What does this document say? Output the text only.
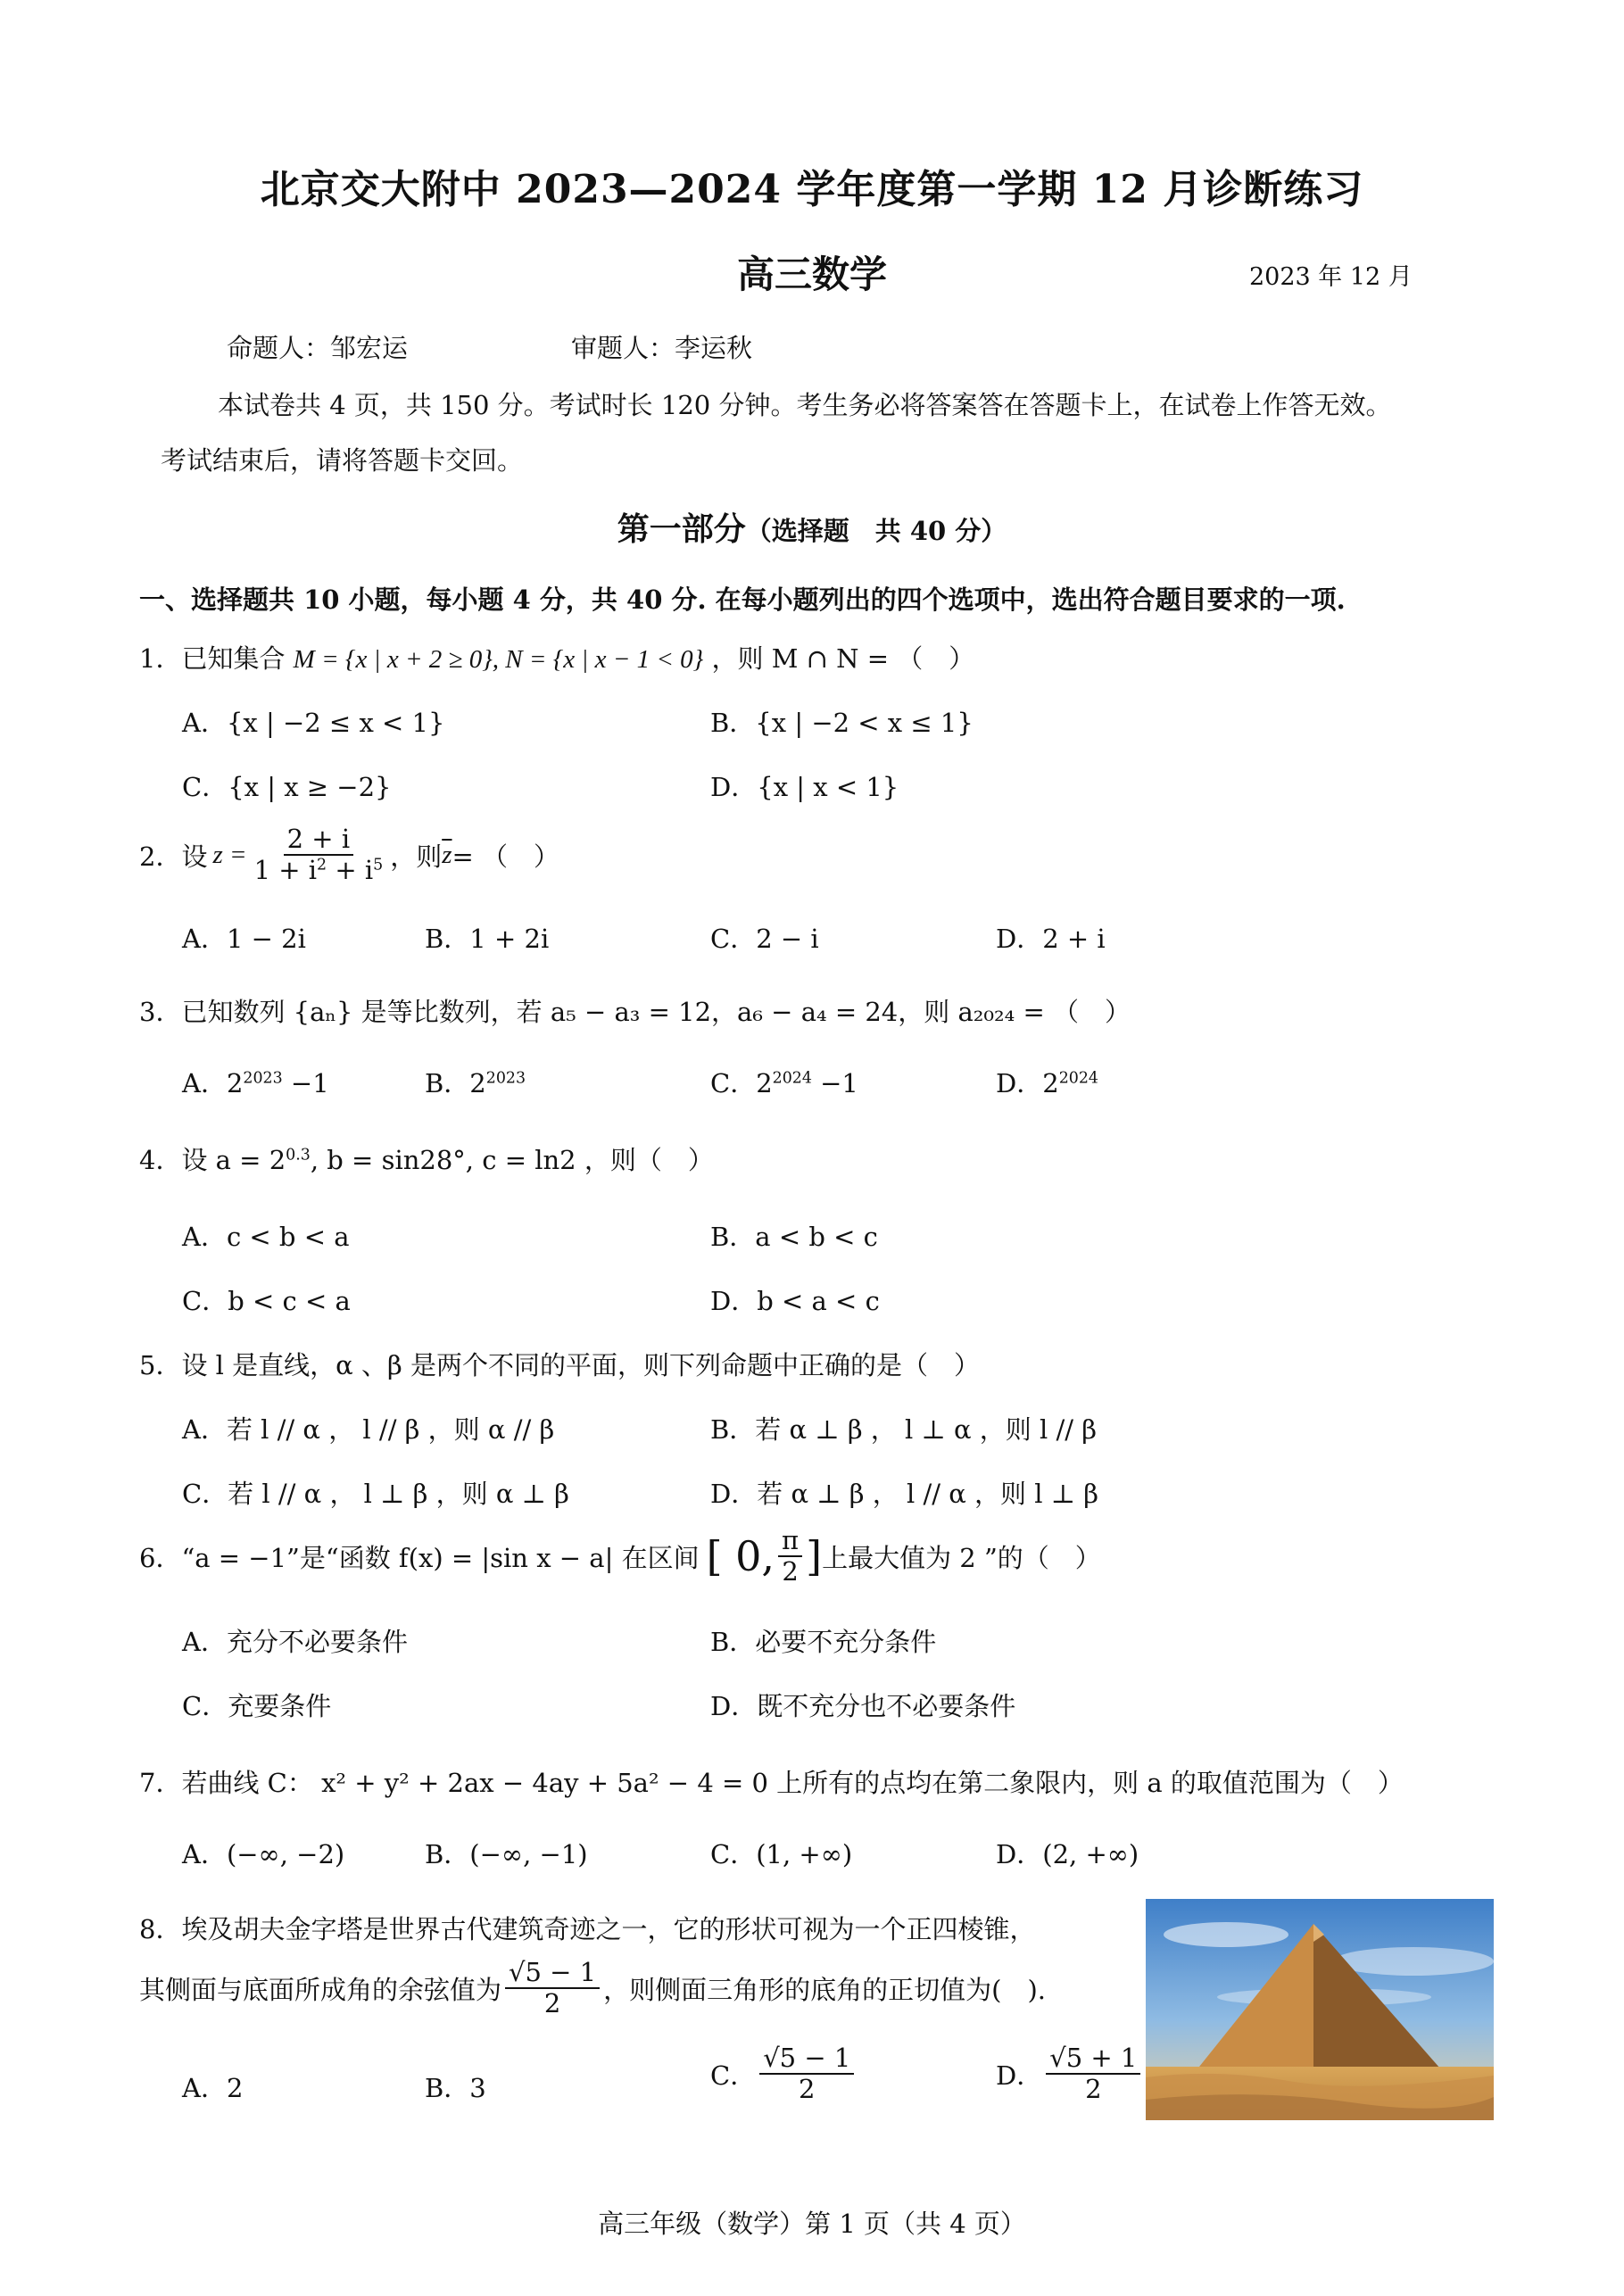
北京交大附中 2023—2024 学年度第一学期 12 月诊断练习
高三数学	2023 年 12 月
命题人：邹宏运	审题人：李运秋
本试卷共 4 页，共 150 分。考试时长 120 分钟。考生务必将答案答在答题卡上，在试卷上作答无效。
考试结束后，请将答题卡交回。
第一部分（选择题　共 40 分）
一、选择题共 10 小题，每小题 4 分，共 40 分. 在每小题列出的四个选项中，选出符合题目要求的一项.
1．已知集合 M = {x | x + 2 ≥ 0}, N = {x | x − 1 < 0} ，则 M ∩ N = （　）
A．{x | −2 ≤ x < 1}	B．{x | −2 < x ≤ 1}
C．{x | x ≥ −2}	D．{x | x < 1}
2．设 $z = \frac{2 + i}{1 + i^2 + i^5}$ ，则 $\overline{z}$ = （　）
A．1 − 2i	B．1 + 2i	C．2 − i	D．2 + i
3．已知数列 {aₙ} 是等比数列，若 a₅ − a₃ = 12，a₆ − a₄ = 24，则 a₂₀₂₄ = （　）
A．$2^{2023} -1$	B．$2^{2023}$	C．$2^{2024} -1$	D．$2^{2024}$
4．设 $a = 2^{0.3}$, b = sin28°, c = ln2 ，则（　）
A．c < b < a	B．a < b < c
C．b < c < a	D．b < a < c
5．设 l 是直线，α 、β 是两个不同的平面，则下列命题中正确的是（　）
A．若 l // α ， l // β ，则 α // β	B．若 α ⊥ β ， l ⊥ α ，则 l // β
C．若 l // α ， l ⊥ β ，则 α ⊥ β	D．若 α ⊥ β ， l // α ，则 l ⊥ β
6．“a = −1”是“函数 f(x) = |sin x − a| 在区间 [ 0, $\frac{\pi}{2}$ ] 上最大值为 2 ”的（　）
A．充分不必要条件	B．必要不充分条件
C．充要条件	D．既不充分也不必要条件
7．若曲线 C： x² + y² + 2ax − 4ay + 5a² − 4 = 0 上所有的点均在第二象限内，则 a 的取值范围为（　）
A．(−∞, −2)	B．(−∞, −1)	C．(1, +∞)	D．(2, +∞)
8．埃及胡夫金字塔是世界古代建筑奇迹之一，它的形状可视为一个正四棱锥，
其侧面与底面所成角的余弦值为 $\frac{√5 - 1}{2}$ ，则侧面三角形的底角的正切值为(　).
A．2	B．3	C． $\frac{√5 - 1}{2}$	D． $\frac{√5 + 1}{2}$
高三年级（数学）第 1 页（共 4 页）
